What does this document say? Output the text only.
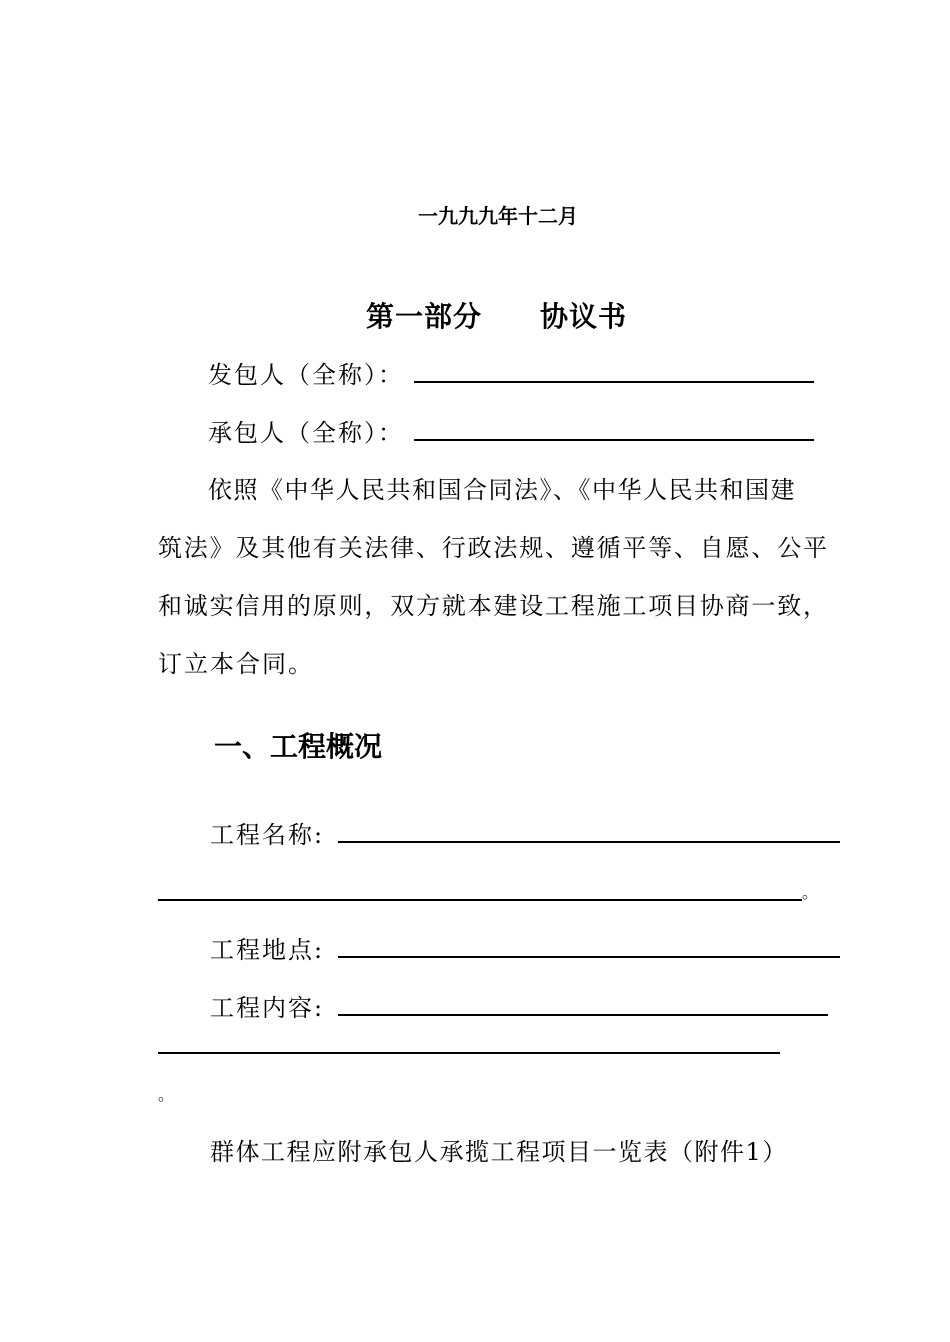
一九九九年十二月
第一部分 协议书
发包人（全称）：
承包人（全称）：
依照《中华人民共和国合同法》、《中华人民共和国建
筑法》及其他有关法律、行政法规、遵循平等、自愿、公平
和诚实信用的原则，双方就本建设工程施工项目协商一致，
订立本合同。
一、工程概况
工程名称:
。
工程地点:
工程内容:
。
群体工程应附承包人承揽工程项目一览表（附件1）
